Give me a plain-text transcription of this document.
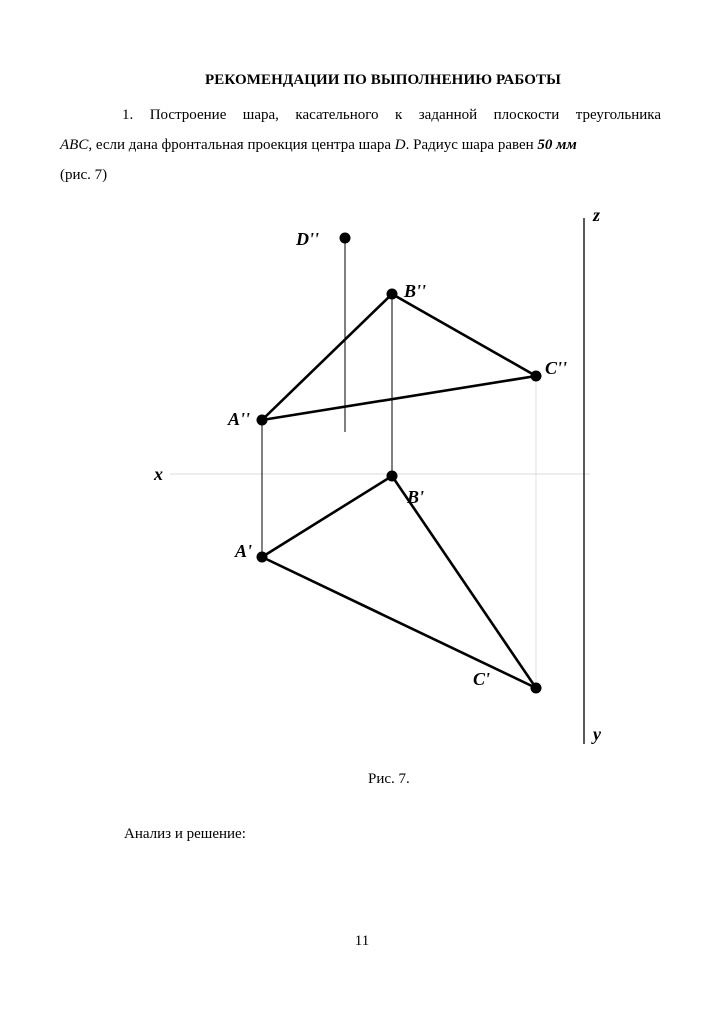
РЕКОМЕНДАЦИИ ПО ВЫПОЛНЕНИЮ РАБОТЫ
1. Построение шара, касательного к заданной плоскости треугольника
ABC, если дана фронтальная проекция центра шара D. Радиус шара равен 50 мм
(рис. 7)
D''
B''
C''
A''
x
B'
A'
C'
z
y
Рис. 7.
Анализ и решение:
11
